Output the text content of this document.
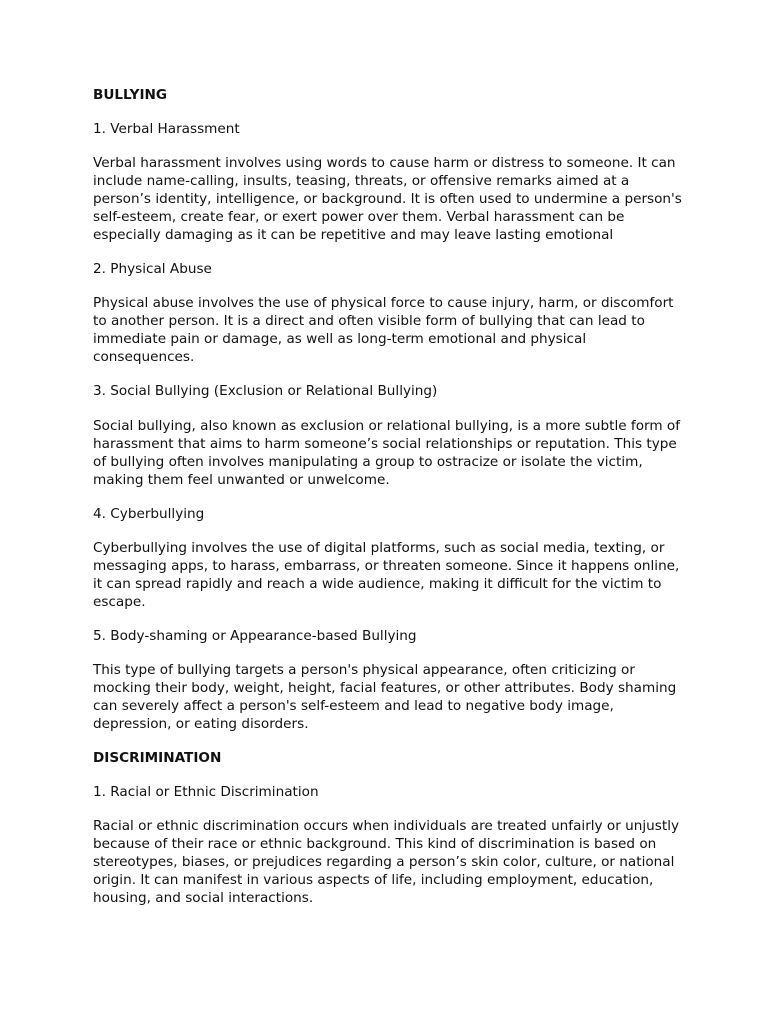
BULLYING

1. Verbal Harassment

Verbal harassment involves using words to cause harm or distress to someone. It can include name-calling, insults, teasing, threats, or offensive remarks aimed at a person’s identity, intelligence, or background. It is often used to undermine a person's self-esteem, create fear, or exert power over them. Verbal harassment can be especially damaging as it can be repetitive and may leave lasting emotional

2. Physical Abuse

Physical abuse involves the use of physical force to cause injury, harm, or discomfort to another person. It is a direct and often visible form of bullying that can lead to immediate pain or damage, as well as long-term emotional and physical consequences.

3. Social Bullying (Exclusion or Relational Bullying)

Social bullying, also known as exclusion or relational bullying, is a more subtle form of harassment that aims to harm someone’s social relationships or reputation. This type of bullying often involves manipulating a group to ostracize or isolate the victim, making them feel unwanted or unwelcome.

4. Cyberbullying

Cyberbullying involves the use of digital platforms, such as social media, texting, or messaging apps, to harass, embarrass, or threaten someone. Since it happens online, it can spread rapidly and reach a wide audience, making it difficult for the victim to escape.

5. Body-shaming or Appearance-based Bullying

This type of bullying targets a person's physical appearance, often criticizing or mocking their body, weight, height, facial features, or other attributes. Body shaming can severely affect a person's self-esteem and lead to negative body image, depression, or eating disorders.

DISCRIMINATION

1. Racial or Ethnic Discrimination

Racial or ethnic discrimination occurs when individuals are treated unfairly or unjustly because of their race or ethnic background. This kind of discrimination is based on stereotypes, biases, or prejudices regarding a person’s skin color, culture, or national origin. It can manifest in various aspects of life, including employment, education, housing, and social interactions.
